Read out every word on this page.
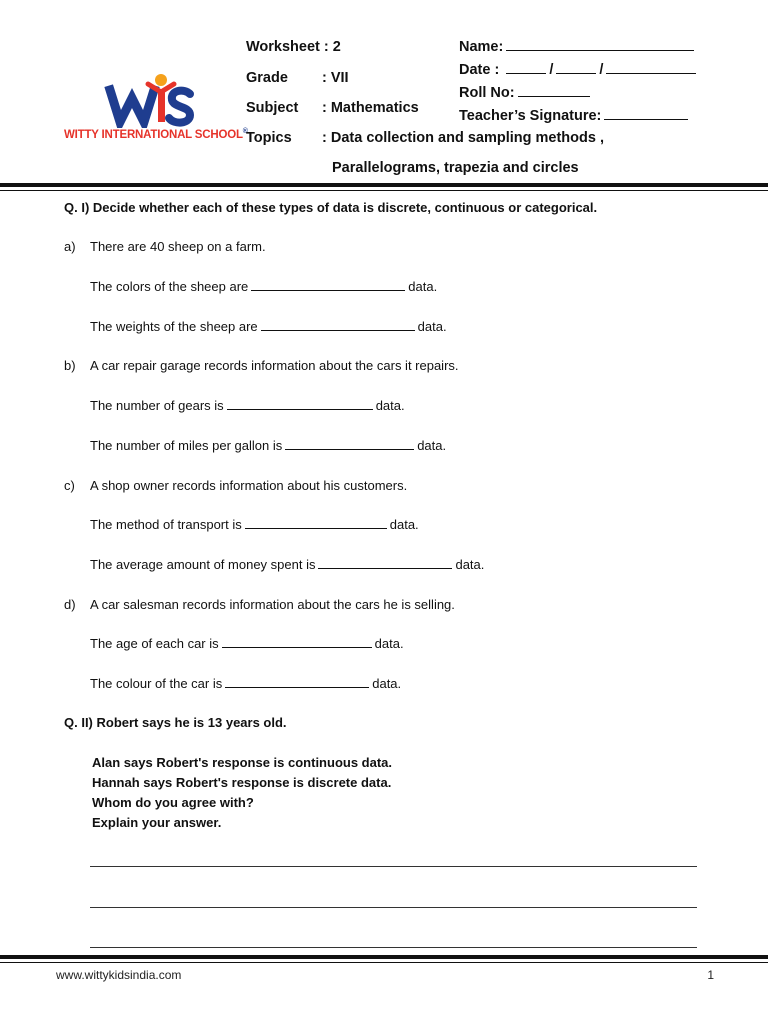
WITTY INTERNATIONAL SCHOOL®
Worksheet : 2
Grade : VII
Subject : Mathematics
Topics : Data collection and sampling methods ,
Parallelograms, trapezia and circles
Name:
Date :	/	/
Roll No:
Teacher’s Signature:
Q. I) Decide whether each of these types of data is discrete, continuous or categorical.
a) There are 40 sheep on a farm.
The colors of the sheep are	data.
The weights of the sheep are	data.
b) A car repair garage records information about the cars it repairs.
The number of gears is	data.
The number of miles per gallon is	data.
c) A shop owner records information about his customers.
The method of transport is	data.
The average amount of money spent is	data.
d) A car salesman records information about the cars he is selling.
The age of each car is	data.
The colour of the car is	data.
Q. II) Robert says he is 13 years old.
Alan says Robert's response is continuous data.
Hannah says Robert's response is discrete data.
Whom do you agree with?
Explain your answer.
www.wittykidsindia.com	1
